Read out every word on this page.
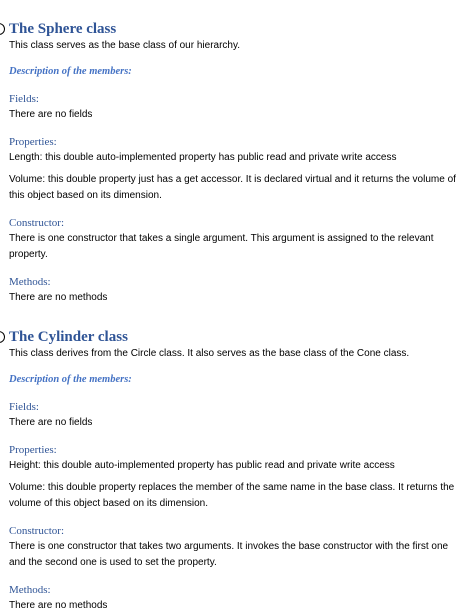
The Sphere class

This class serves as the base class of our hierarchy.

Description of the members:

Fields:

There are no fields

Properties:

Length: this double auto-implemented property has public read and private write access

Volume: this double property just has a get accessor. It is declared virtual and it returns the volume of this object based on its dimension.

Constructor:

There is one constructor that takes a single argument. This argument is assigned to the relevant property.

Methods:

There are no methods

The Cylinder class

This class derives from the Circle class. It also serves as the base class of the Cone class.

Description of the members:

Fields:

There are no fields

Properties:

Height: this double auto-implemented property has public read and private write access

Volume: this double property replaces the member of the same name in the base class. It returns the volume of this object based on its dimension.

Constructor:

There is one constructor that takes two arguments. It invokes the base constructor with the first one and the second one is used to set the property.

Methods:

There are no methods
